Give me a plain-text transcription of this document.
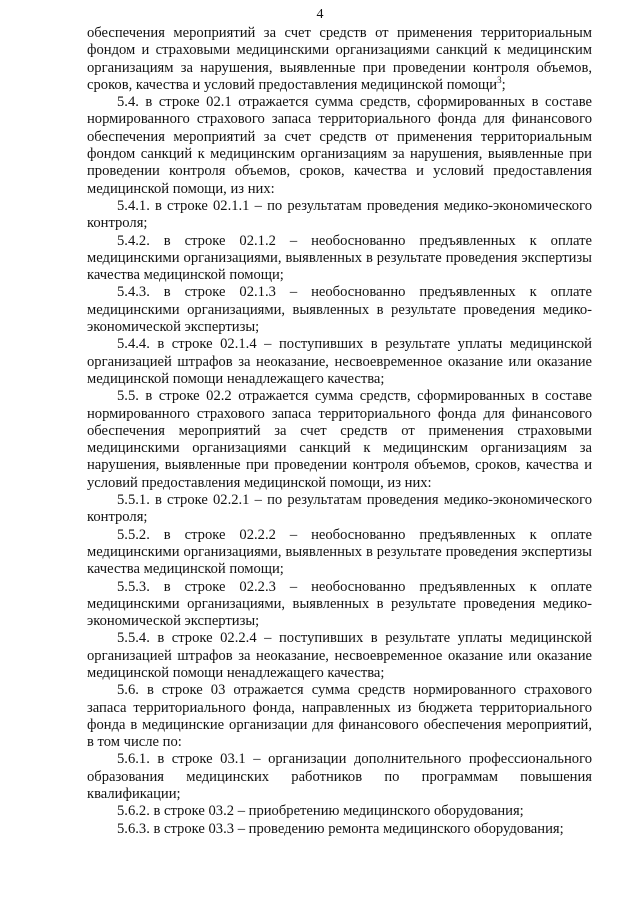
4

обеспечения мероприятий за счет средств от применения территориальным фондом и страховыми медицинскими организациями санкций к медицинским организациям за нарушения, выявленные при проведении контроля объемов, сроков, качества и условий предоставления медицинской помощи$^3$;

5.4. в строке 02.1 отражается сумма средств, сформированных в составе нормированного страхового запаса территориального фонда для финансового обеспечения мероприятий за счет средств от применения территориальным фондом санкций к медицинским организациям за нарушения, выявленные при проведении контроля объемов, сроков, качества и условий предоставления медицинской помощи, из них:

5.4.1. в строке 02.1.1 – по результатам проведения медико-экономического контроля;

5.4.2. в строке 02.1.2 – необоснованно предъявленных к оплате медицинскими организациями, выявленных в результате проведения экспертизы качества медицинской помощи;

5.4.3. в строке 02.1.3 – необоснованно предъявленных к оплате медицинскими организациями, выявленных в результате проведения медико-экономической экспертизы;

5.4.4. в строке 02.1.4 – поступивших в результате уплаты медицинской организацией штрафов за неоказание, несвоевременное оказание или оказание медицинской помощи ненадлежащего качества;

5.5. в строке 02.2 отражается сумма средств, сформированных в составе нормированного страхового запаса территориального фонда для финансового обеспечения мероприятий за счет средств от применения страховыми медицинскими организациями санкций к медицинским организациям за нарушения, выявленные при проведении контроля объемов, сроков, качества и условий предоставления медицинской помощи, из них:

5.5.1. в строке 02.2.1 – по результатам проведения медико-экономического контроля;

5.5.2. в строке 02.2.2 – необоснованно предъявленных к оплате медицинскими организациями, выявленных в результате проведения экспертизы качества медицинской помощи;

5.5.3. в строке 02.2.3 – необоснованно предъявленных к оплате медицинскими организациями, выявленных в результате проведения медико-экономической экспертизы;

5.5.4. в строке 02.2.4 – поступивших в результате уплаты медицинской организацией штрафов за неоказание, несвоевременное оказание или оказание медицинской помощи ненадлежащего качества;

5.6. в строке 03 отражается сумма средств нормированного страхового запаса территориального фонда, направленных из бюджета территориального фонда в медицинские организации для финансового обеспечения мероприятий, в том числе по:

5.6.1. в строке 03.1 – организации дополнительного профессионального образования медицинских работников по программам повышения квалификации;

5.6.2. в строке 03.2 – приобретению медицинского оборудования;

5.6.3. в строке 03.3 – проведению ремонта медицинского оборудования;
